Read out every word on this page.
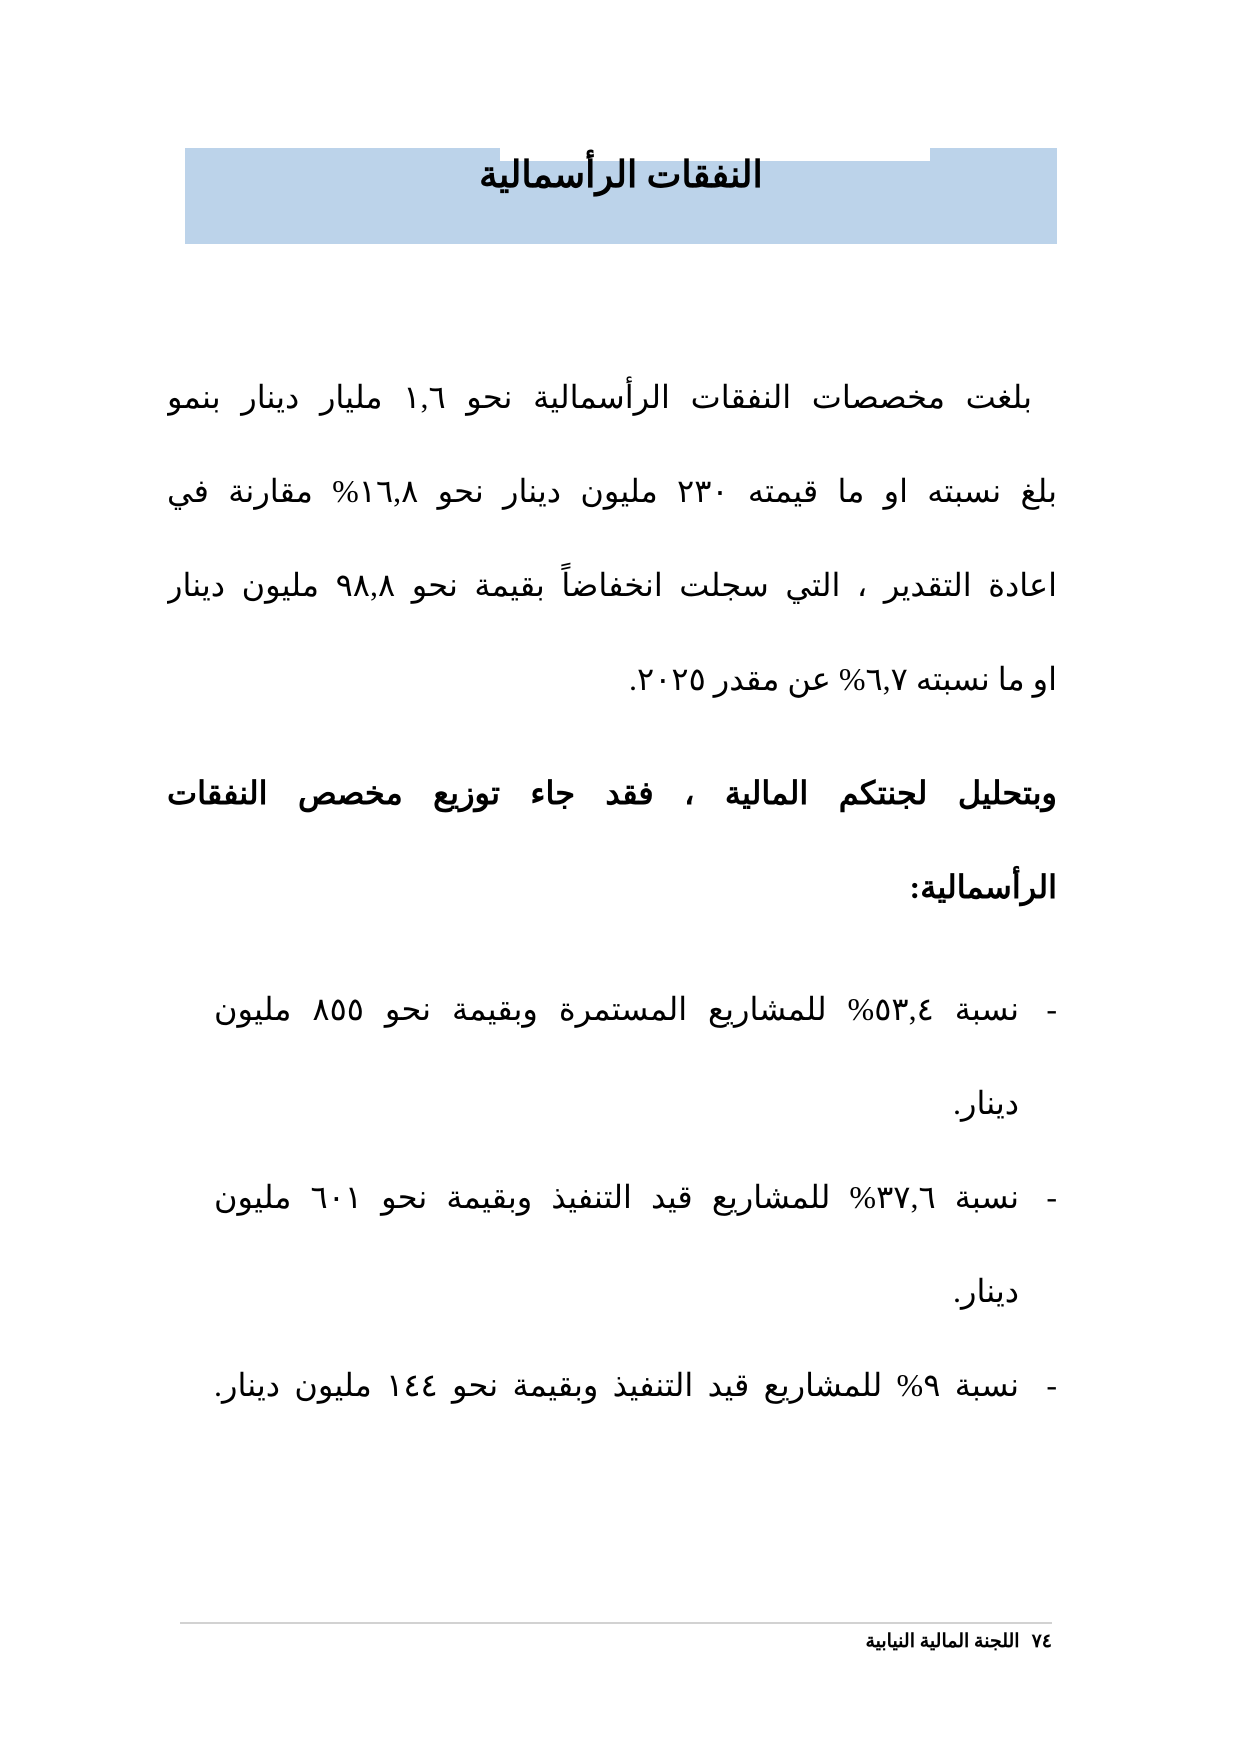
النفقات الرأسمالية
بلغت مخصصات النفقات الرأسمالية نحو ١,٦ مليار دينار بنمو
بلغ نسبته او ما قيمته ٢٣٠ مليون دينار نحو ١٦,٨% مقارنة في
اعادة التقدير ، التي سجلت انخفاضاً بقيمة نحو ٩٨,٨ مليون دينار
او ما نسبته ٦,٧% عن مقدر ٢٠٢٥.
وبتحليل لجنتكم المالية ، فقد جاء توزيع مخصص النفقات
الرأسمالية:
-
نسبة ٥٣,٤% للمشاريع المستمرة وبقيمة نحو ٨٥٥ مليون
دينار.
-
نسبة ٣٧,٦% للمشاريع قيد التنفيذ وبقيمة نحو ٦٠١ مليون
دينار.
-
نسبة ٩% للمشاريع قيد التنفيذ وبقيمة نحو ١٤٤ مليون دينار.
٧٤اللجنة المالية النيابية
